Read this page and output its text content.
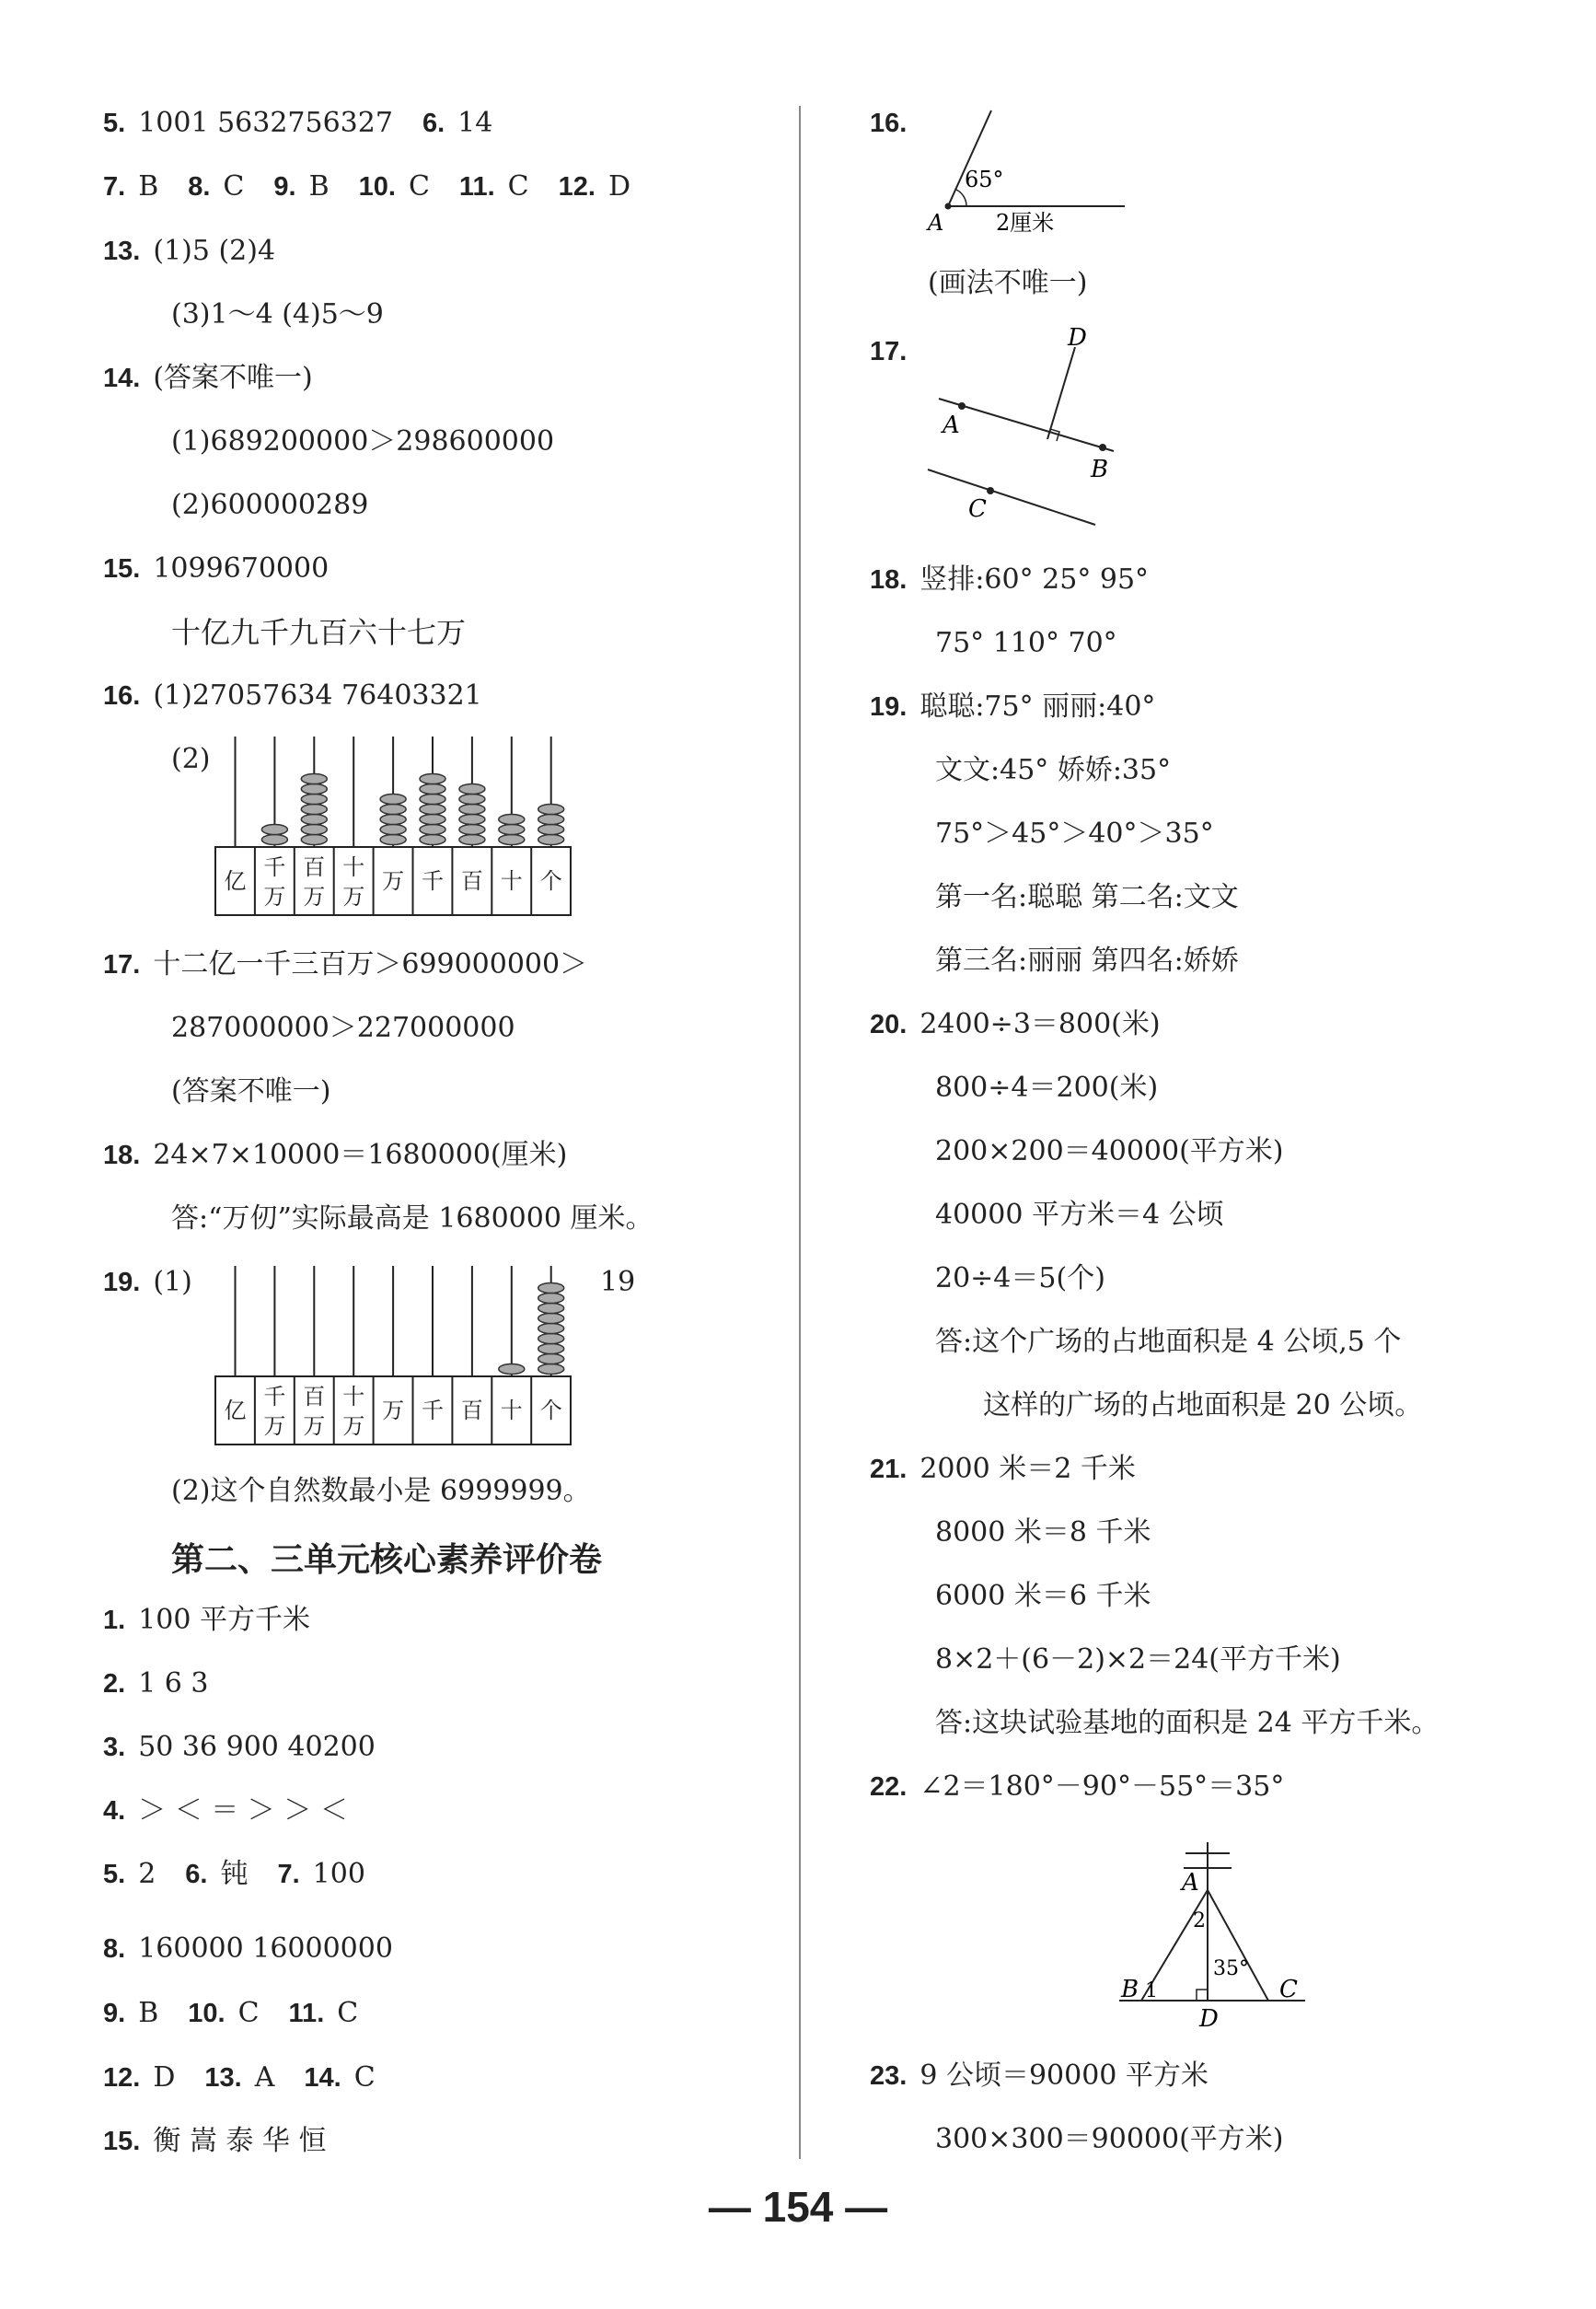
5. 1001 5632756327 6. 14
7. B 8. C 9. B 10. C 11. C 12. D
13. (1)5 (2)4
(3)1～4 (4)5～9
14. (答案不唯一)
(1)689200000＞298600000
(2)600000289
15. 1099670000
十亿九千九百六十七万
16. (1)27057634 76403321
(2)
亿
千
万
百
万
十
万
万 千 百 十 个
17. 十二亿一千三百万＞699000000＞
287000000＞227000000
(答案不唯一)
18. 24×7×10000＝1680000(厘米)
答:“万仞”实际最高是 1680000 厘米。
19. (1)	19
亿
千
万
百
万
十
万
万 千 百 十 个
(2)这个自然数最小是 6999999。
第二、三单元核心素养评价卷
1. 100 平方千米
2. 1 6 3
3. 50 36 900 40200
4. ＞ ＜ ＝ ＞ ＞ ＜
5. 2 6. 钝 7. 100
8. 160000 16000000
9. B 10. C 11. C
12. D 13. A 14. C
15. 衡 嵩 泰 华 恒
16.
65°
A 2厘米
(画法不唯一)
17.
A
B
C
D
18. 竖排:60° 25° 95°
75° 110° 70°
19. 聪聪:75° 丽丽:40°
文文:45° 娇娇:35°
75°＞45°＞40°＞35°
第一名:聪聪 第二名:文文
第三名:丽丽 第四名:娇娇
20. 2400÷3＝800(米)
800÷4＝200(米)
200×200＝40000(平方米)
40000 平方米＝4 公顷
20÷4＝5(个)
答:这个广场的占地面积是 4 公顷,5 个
这样的广场的占地面积是 20 公顷。
21. 2000 米＝2 千米
8000 米＝8 千米
6000 米＝6 千米
8×2＋(6－2)×2＝24(平方千米)
答:这块试验基地的面积是 24 平方千米。
22. ∠2＝180°－90°－55°＝35°
A
2
35°
B 1	C
D
23. 9 公顷＝90000 平方米
300×300＝90000(平方米)
— 154 —
